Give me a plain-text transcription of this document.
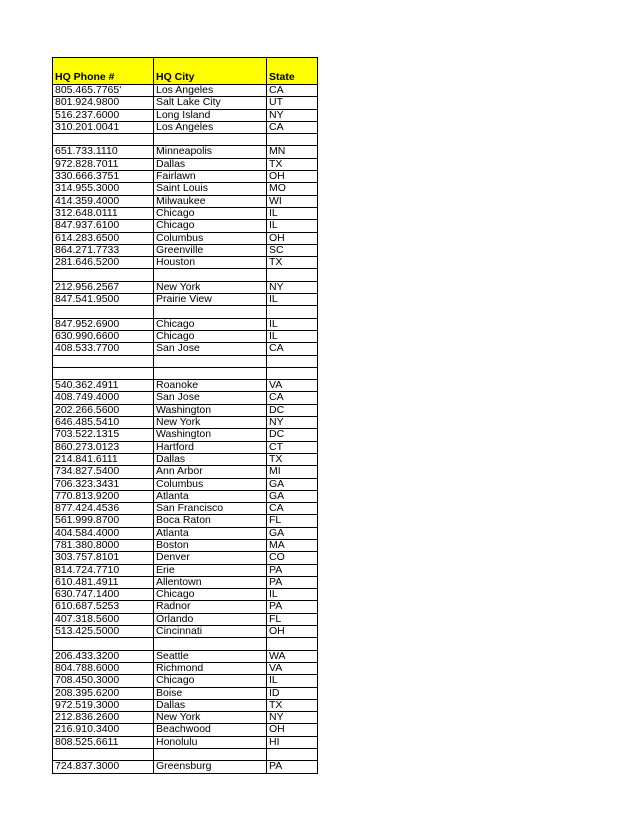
HQ Phone #	HQ City	State
805.465.7765'	Los Angeles	CA
801.924.9800	Salt Lake City	UT
516.237.6000	Long Island	NY
310.201.0041	Los Angeles	CA

651.733.1110	Minneapolis	MN
972.828.7011	Dallas	TX
330.666.3751	Fairlawn	OH
314.955.3000	Saint Louis	MO
414.359.4000	Milwaukee	WI
312.648.0111	Chicago	IL
847.937.6100	Chicago	IL
614.283.6500	Columbus	OH
864.271.7733	Greenville	SC
281.646.5200	Houston	TX

212.956.2567	New York	NY
847.541.9500	Prairie View	IL

847.952.6900	Chicago	IL
630.990.6600	Chicago	IL
408.533.7700	San Jose	CA

540.362.4911	Roanoke	VA
408.749.4000	San Jose	CA
202.266.5600	Washington	DC
646.485.5410	New York	NY
703.522.1315	Washington	DC
860.273.0123	Hartford	CT
214.841.6111	Dallas	TX
734.827.5400	Ann Arbor	MI
706.323.3431	Columbus	GA
770.813.9200	Atlanta	GA
877.424.4536	San Francisco	CA
561.999.8700	Boca Raton	FL
404.584.4000	Atlanta	GA
781.380.8000	Boston	MA
303.757.8101	Denver	CO
814.724.7710	Erie	PA
610.481.4911	Allentown	PA
630.747.1400	Chicago	IL
610.687.5253	Radnor	PA
407.318.5600	Orlando	FL
513.425.5000	Cincinnati	OH

206.433.3200	Seattle	WA
804.788.6000	Richmond	VA
708.450.3000	Chicago	IL
208.395.6200	Boise	ID
972.519.3000	Dallas	TX
212.836.2600	New York	NY
216.910.3400	Beachwood	OH
808.525.6611	Honolulu	HI

724.837.3000	Greensburg	PA
